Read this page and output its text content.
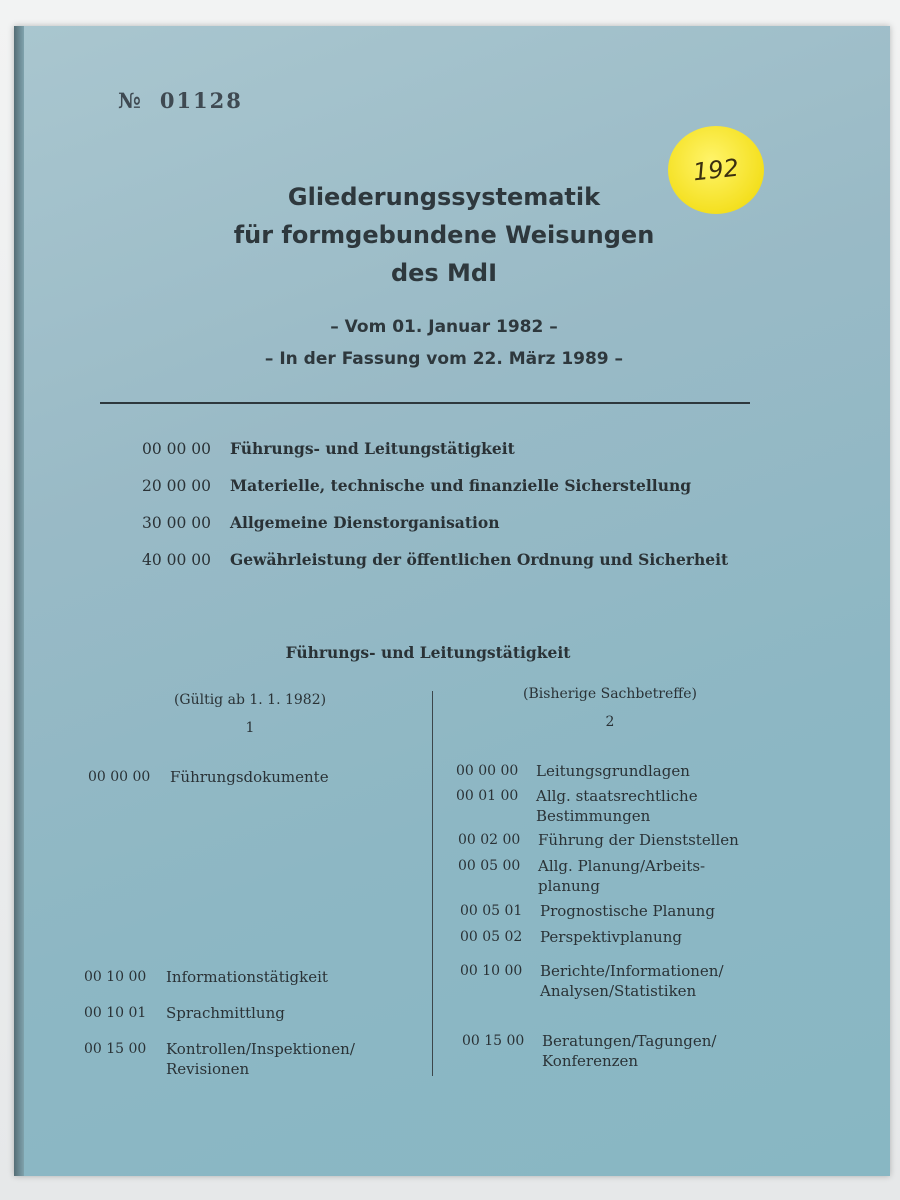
№ 01128
192
Gliederungssystematik
für formgebundene Weisungen
des MdI
– Vom 01. Januar 1982 –
– In der Fassung vom 22. März 1989 –
00 00 00	Führungs- und Leitungstätigkeit
20 00 00	Materielle, technische und finanzielle Sicherstellung
30 00 00	Allgemeine Dienstorganisation
40 00 00	Gewährleistung der öffentlichen Ordnung und Sicherheit
Führungs- und Leitungstätigkeit
(Gültig ab 1. 1. 1982)
1
(Bisherige Sachbetreffe)
2
00 00 00	Führungsdokumente
00 10 00	Informationstätigkeit
00 10 01	Sprachmittlung
00 15 00	Kontrollen/Inspektionen/
Revisionen
00 00 00	Leitungsgrundlagen
00 01 00	Allg. staatsrechtliche
Bestimmungen
00 02 00	Führung der Dienststellen
00 05 00	Allg. Planung/Arbeits-
planung
00 05 01	Prognostische Planung
00 05 02	Perspektivplanung
00 10 00	Berichte/Informationen/
Analysen/Statistiken
00 15 00	Beratungen/Tagungen/
Konferenzen
